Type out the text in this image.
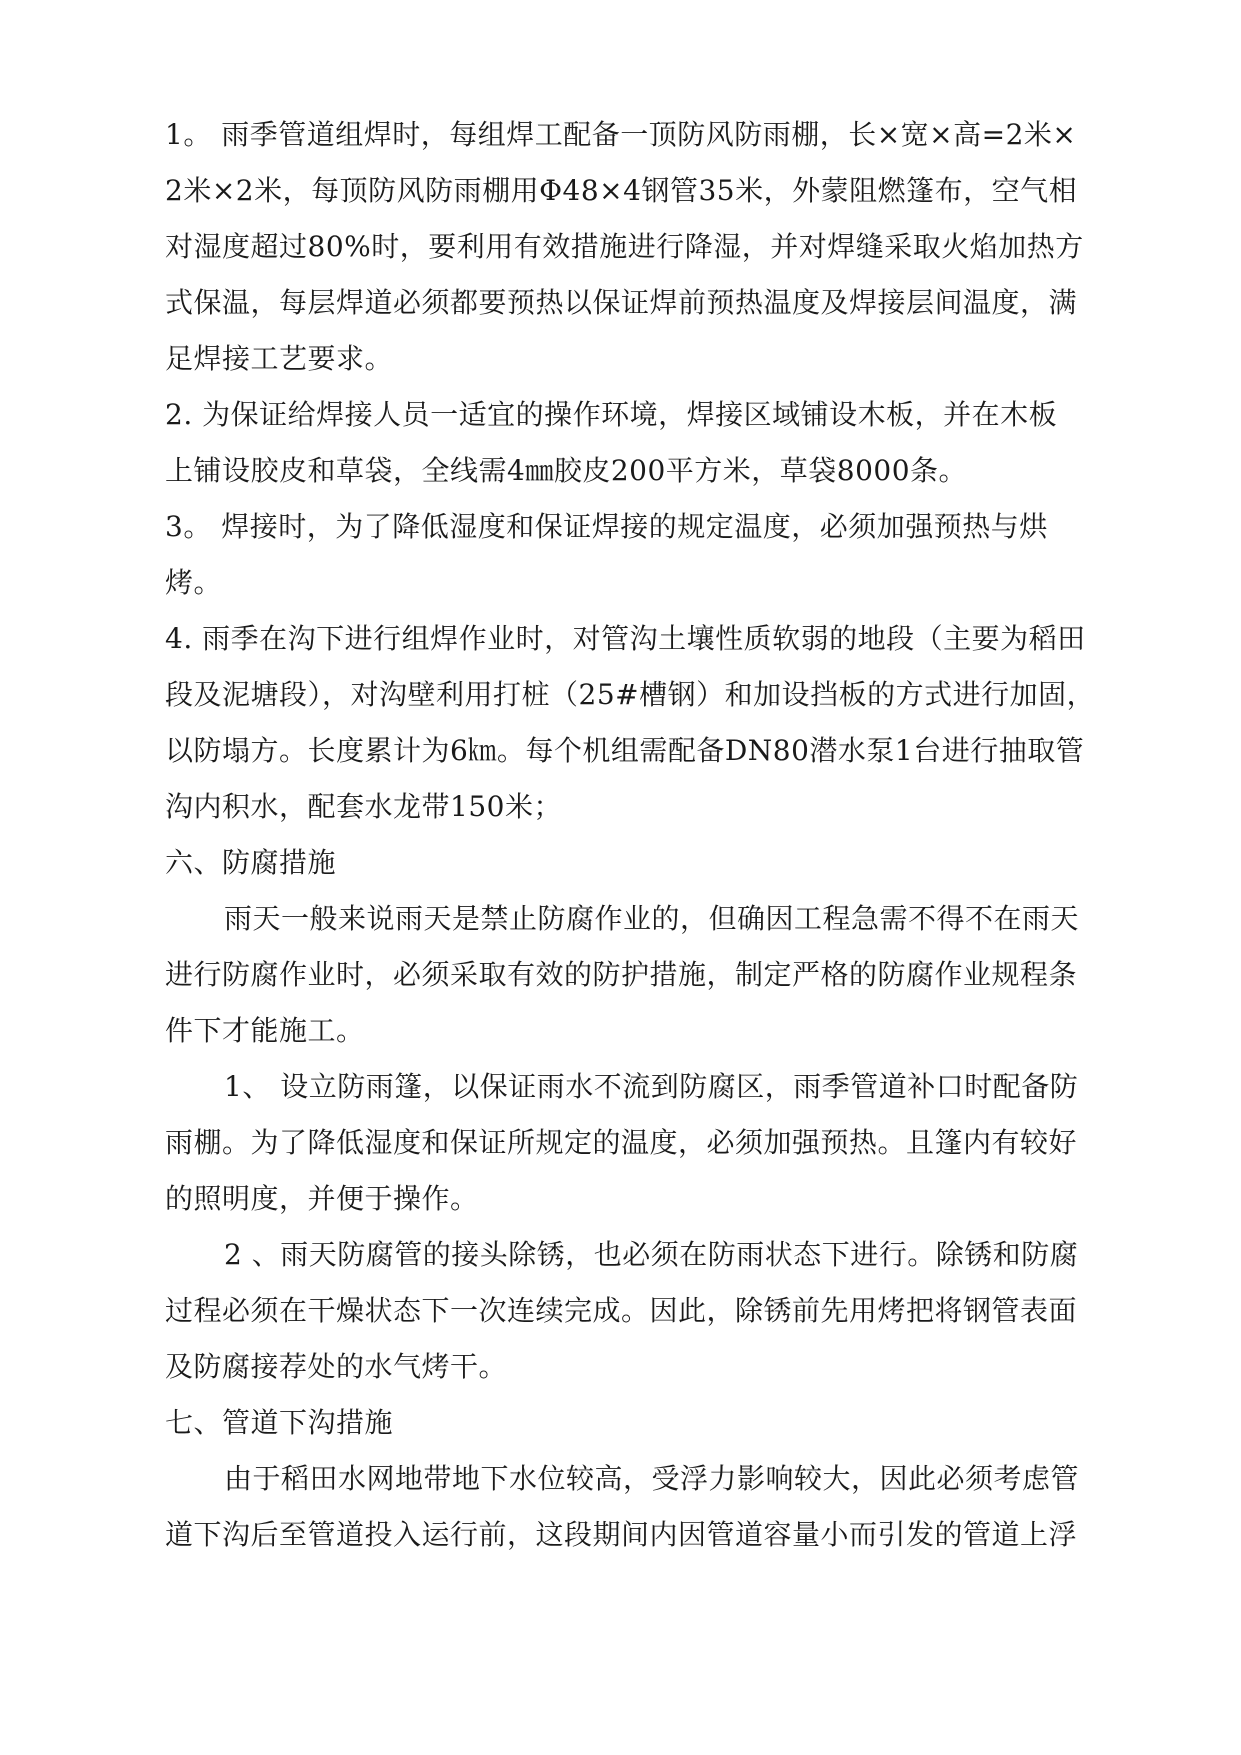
1。 雨季管道组焊时，每组焊工配备一顶防风防雨棚，长×宽×高=2米×
2米×2米，每顶防风防雨棚用Φ48×4钢管35米，外蒙阻燃篷布，空气相
对湿度超过80%时，要利用有效措施进行降湿，并对焊缝采取火焰加热方
式保温，每层焊道必须都要预热以保证焊前预热温度及焊接层间温度，满
足焊接工艺要求。
2. 为保证给焊接人员一适宜的操作环境，焊接区域铺设木板，并在木板
上铺设胶皮和草袋，全线需4㎜胶皮200平方米，草袋8000条。
3。 焊接时，为了降低湿度和保证焊接的规定温度，必须加强预热与烘
烤。
4. 雨季在沟下进行组焊作业时，对管沟土壤性质软弱的地段（主要为稻田
段及泥塘段），对沟壁利用打桩（25#槽钢）和加设挡板的方式进行加固，
以防塌方。长度累计为6㎞。每个机组需配备DN80潜水泵1台进行抽取管
沟内积水，配套水龙带150米；
六、防腐措施
雨天一般来说雨天是禁止防腐作业的，但确因工程急需不得不在雨天
进行防腐作业时，必须采取有效的防护措施，制定严格的防腐作业规程条
件下才能施工。
1、 设立防雨篷，以保证雨水不流到防腐区，雨季管道补口时配备防
雨棚。为了降低湿度和保证所规定的温度，必须加强预热。且篷内有较好
的照明度，并便于操作。
2 、雨天防腐管的接头除锈，也必须在防雨状态下进行。除锈和防腐
过程必须在干燥状态下一次连续完成。因此，除锈前先用烤把将钢管表面
及防腐接荐处的水气烤干。
七、管道下沟措施
由于稻田水网地带地下水位较高，受浮力影响较大，因此必须考虑管
道下沟后至管道投入运行前，这段期间内因管道容量小而引发的管道上浮
